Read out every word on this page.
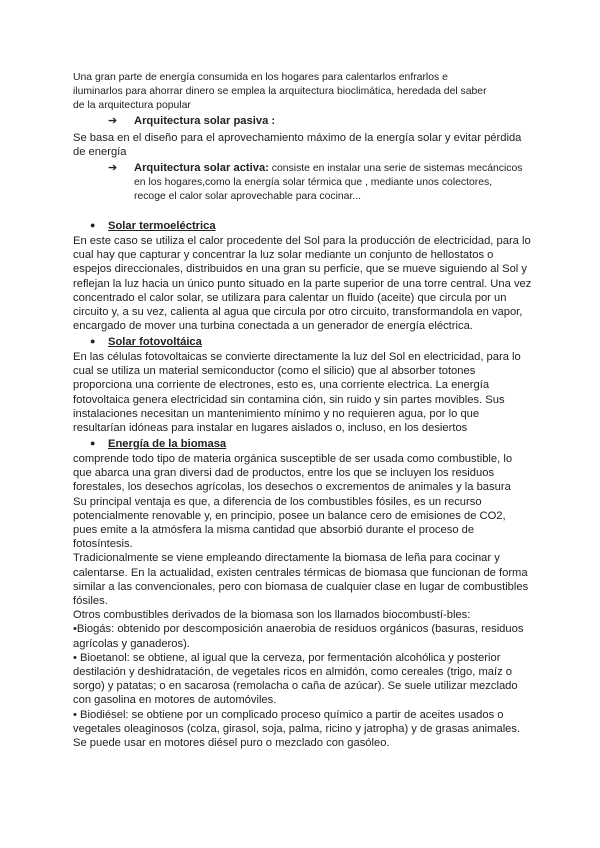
Una gran parte de energía consumida en los hogares para calentarlos enfrarlos e
iluminarlos para ahorrar dinero se emplea la arquitectura bioclimática, heredada del saber
de la arquitectura popular
➔ Arquitectura solar pasiva :
Se basa en el diseño para el aprovechamiento máximo de la energía solar y evitar pérdida
de energía
➔ Arquitectura solar activa: consiste en instalar una serie de sistemas mecáncicos
en los hogares,como la energía solar térmica que , mediante unos colectores,
recoge el calor solar aprovechable para cocinar...
● Solar termoeléctrica
En este caso se utiliza el calor procedente del Sol para la producción de electricidad, para lo
cual hay que capturar y concentrar la luz solar mediante un conjunto de hellostatos o
espejos direccionales, distribuidos en una gran su perficie, que se mueve siguiendo al Sol y
reflejan la luz hacia un único punto situado en la parte superior de una torre central. Una vez
concentrado el calor solar, se utilizara para calentar un fluido (aceite) que circula por un
circuito y, a su vez, calienta al agua que circula por otro circuito, transformandola en vapor,
encargado de mover una turbina conectada a un generador de energía eléctrica.
● Solar fotovoltáica
En las células fotovoltaicas se convierte directamente la luz del Sol en electricidad, para lo
cual se utiliza un material semiconductor (como el silicio) que al absorber totones
proporciona una corriente de electrones, esto es, una corriente electrica. La energía
fotovoltaica genera electricidad sin contamina ción, sin ruido y sin partes movibles. Sus
instalaciones necesitan un mantenimiento mínimo y no requieren agua, por lo que
resultarían idóneas para instalar en lugares aislados o, incluso, en los desiertos
● Energía de la biomasa
comprende todo tipo de materia orgánica susceptible de ser usada como combustible, lo
que abarca una gran diversi dad de productos, entre los que se incluyen los residuos
forestales, los desechos agrícolas, los desechos o excrementos de animales y la basura
Su principal ventaja es que, a diferencia de los combustibles fósiles, es un recurso
potencialmente renovable y, en principio, posee un balance cero de emisiones de CO2,
pues emite a la atmósfera la misma cantidad que absorbió durante el proceso de
fotosíntesis.
Tradicionalmente se viene empleando directamente la biomasa de leña para cocinar y
calentarse. En la actualidad, existen centrales térmicas de biomasa que funcionan de forma
similar a las convencionales, pero con biomasa de cualquier clase en lugar de combustibles
fósiles.
Otros combustibles derivados de la biomasa son los llamados biocombustí-bles:
•Biogás: obtenido por descomposición anaerobia de residuos orgánicos (basuras, residuos
agrícolas y ganaderos).
• Bioetanol: se obtiene, al igual que la cerveza, por fermentación alcohólica y posterior
destilación y deshidratación, de vegetales ricos en almidón, como cereales (trigo, maíz o
sorgo) y patatas; o en sacarosa (remolacha o caña de azúcar). Se suele utilizar mezclado
con gasolina en motores de automóviles.
• Biodiésel: se obtiene por un complicado proceso químico a partir de aceites usados o
vegetales oleaginosos (colza, girasol, soja, palma, ricino y jatropha) y de grasas animales.
Se puede usar en motores diésel puro o mezclado con gasóleo.
